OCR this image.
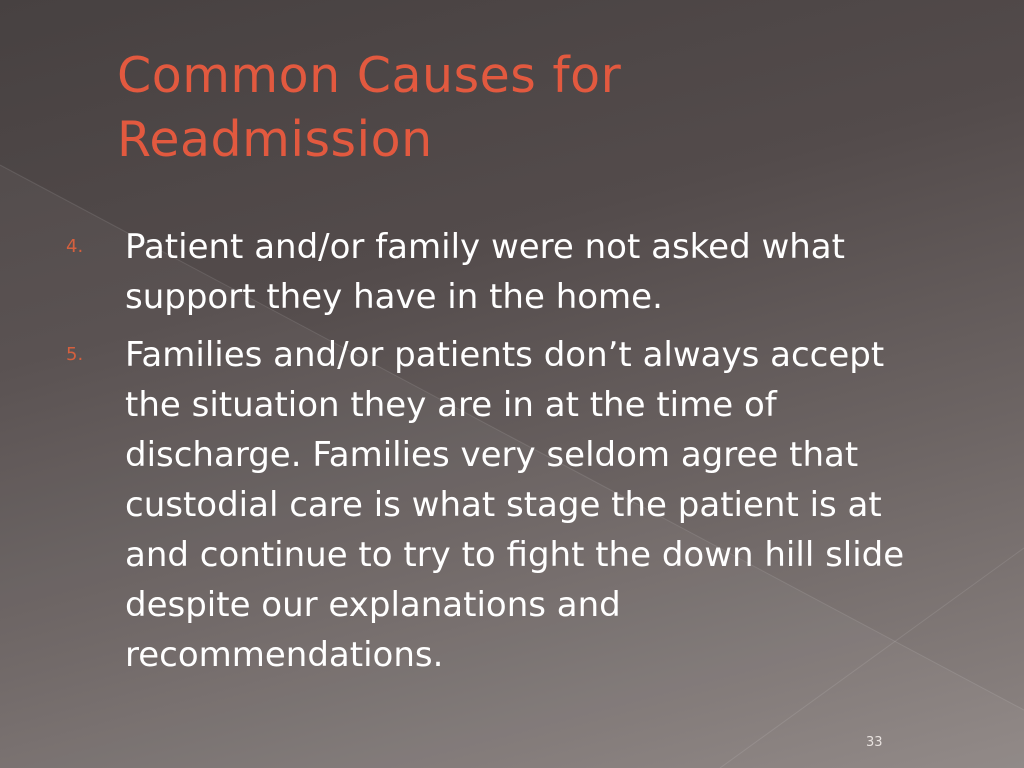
Common Causes for
Readmission
4. Patient and/or family were not asked what support they have in the home.
5. Families and/or patients don’t always accept the situation they are in at the time of discharge. Families very seldom agree that custodial care is what stage the patient is at and continue to try to fight the down hill slide despite our explanations and recommendations.
33
